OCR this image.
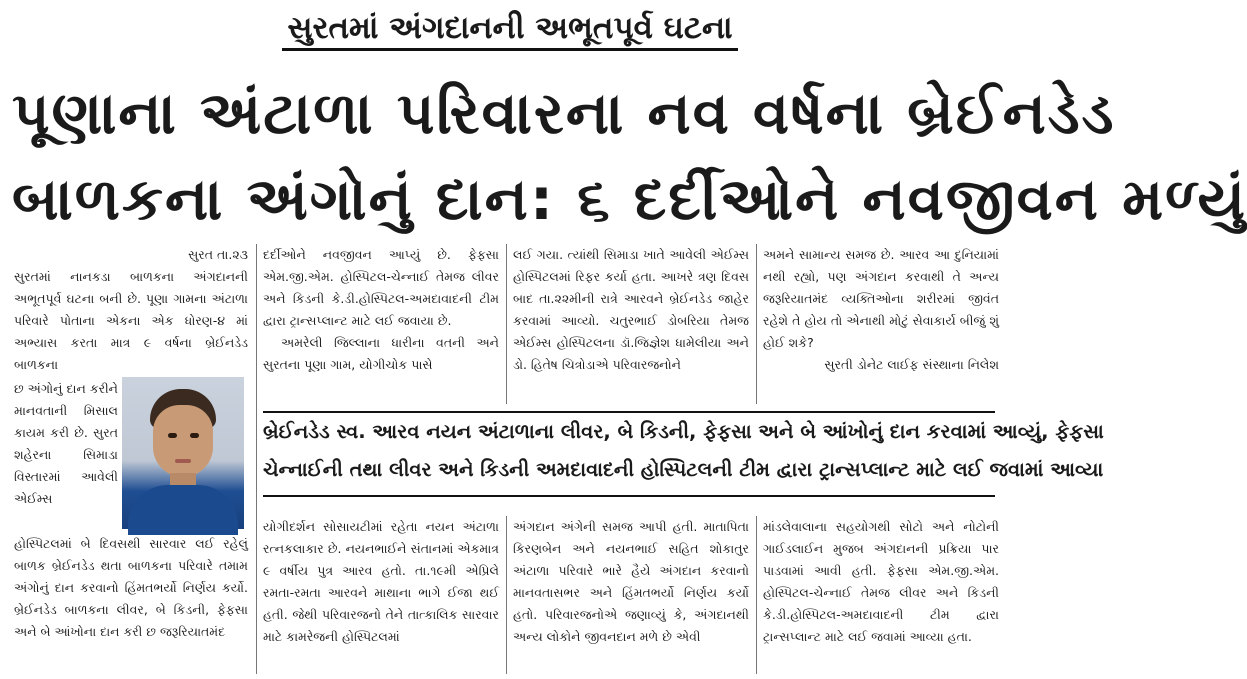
સુરતમાં અંગદાનની અભૂતપૂર્વ ઘટના
પૂણાના અંટાળા પરિવારના નવ વર્ષના બ્રેઈનડેડ
બાળકના અંગોનું દાન: ૬ દર્દીઓને નવજીવન મળ્યું
સુરત તા.૨૩

સુરતમાં નાનકડા બાળકના અંગદાનની અભૂતપૂર્વ ઘટના બની છે. પૂણા ગામના અંટાળા પરિવારે પોતાના એકના એક ધોરણ-૪ માં અભ્યાસ કરતા માત્ર ૯ વર્ષના બ્રેઈનડેડ બાળકના

છ અંગોનું દાન કરીને માનવતાની મિસાલ કાયમ કરી છે. સુરત શહેરના સિમાડા વિસ્તારમાં આવેલી એઈમ્સ

હોસ્પિટલમાં બે દિવસથી સારવાર લઈ રહેલું બાળક બ્રેઈનડેડ થતા બાળકના પરિવારે તમામ અંગોનું દાન કરવાનો હિંમતભર્યો નિર્ણય કર્યો. બ્રેઈનડેડ બાળકના લીવર, બે કિડની, ફેફસા અને બે આંખોના દાન કરી છ જરૂરિયાતમંદ

દર્દીઓને નવજીવન આપ્યું છે. ફેફસા એમ.જી.એમ. હોસ્પિટલ-ચેન્નાઈ તેમજ લીવર અને કિડની કે.ડી.હોસ્પિટલ-અમદાવાદની ટીમ દ્વારા ટ્રાન્સપ્લાન્ટ માટે લઈ જવાયા છે.

અમરેલી જિલ્લાના ધારીના વતની અને સુરતના પૂણા ગામ, યોગીચોક પાસે

લઈ ગયા. ત્યાંથી સિમાડા ખાતે આવેલી એઈમ્સ હોસ્પિટલમાં રિફર કર્યા હતા. આખરે ત્રણ દિવસ બાદ તા.૨૨મીની રાત્રે આરવને બ્રેઈનડેડ જાહેર કરવામાં આવ્યો. ચતુરભાઈ ડોબરિયા તેમજ એઈમ્સ હોસ્પિટલના ડૉ.જિજ્ઞેશ ધામેલીયા અને ડો. હિતેષ ચિત્રોડાએ પરિવારજનોને

અમને સામાન્ય સમજ છે. આરવ આ દુનિયામાં નથી રહ્યો, પણ અંગદાન કરવાથી તે અન્ય જરૂરિયાતમંદ વ્યક્તિઓના શરીરમાં જીવંત રહેશે તે હોય તો એનાથી મોટું સેવાકાર્ય બીજું શું હોઈ શકે?

સુરતી ડોનેટ લાઈફ સંસ્થાના નિલેશ

બ્રેઈનડેડ સ્વ. આરવ નયન અંટાળાના લીવર, બે કિડની, ફેફસા અને બે આંખોનું દાન કરવામાં આવ્યું, ફેફસા
ચેન્નાઈની તથા લીવર અને કિડની અમદાવાદની હોસ્પિટલની ટીમ દ્વારા ટ્રાન્સપ્લાન્ટ માટે લઈ જવામાં આવ્યા

યોગીદર્શન સોસાયટીમાં રહેતા નયન અંટાળા રત્નકલાકાર છે. નયનભાઈને સંતાનમાં એકમાત્ર ૯ વર્ષીય પુત્ર આરવ હતો. તા.૧૯મી એપ્રિલે રમતા-રમતા આરવને માથાના ભાગે ઈજા થઈ હતી. જેથી પરિવારજનો તેને તાત્કાલિક સારવાર માટે કામરેજની હોસ્પિટલમાં

અંગદાન અંગેની સમજ આપી હતી. માતાપિતા કિરણબેન અને નયનભાઈ સહિત શોકાતુર અંટાળા પરિવારે ભારે હૈયે અંગદાન કરવાનો માનવતાસભર અને હિંમતભર્યો નિર્ણય કર્યો હતો. પરિવારજનોએ જણાવ્યું કે, અંગદાનથી અન્ય લોકોને જીવનદાન મળે છે એવી

માંડલેવાલાના સહયોગથી સોટો અને નોટોની ગાઈડલાઈન મુજબ અંગદાનની પ્રક્રિયા પાર પાડવામાં આવી હતી. ફેફસા એમ.જી.એમ. હોસ્પિટલ-ચેન્નાઈ તેમજ લીવર અને કિડની કે.ડી.હોસ્પિટલ-અમદાવાદની ટીમ દ્વારા ટ્રાન્સપ્લાન્ટ માટે લઈ જવામાં આવ્યા હતા.
